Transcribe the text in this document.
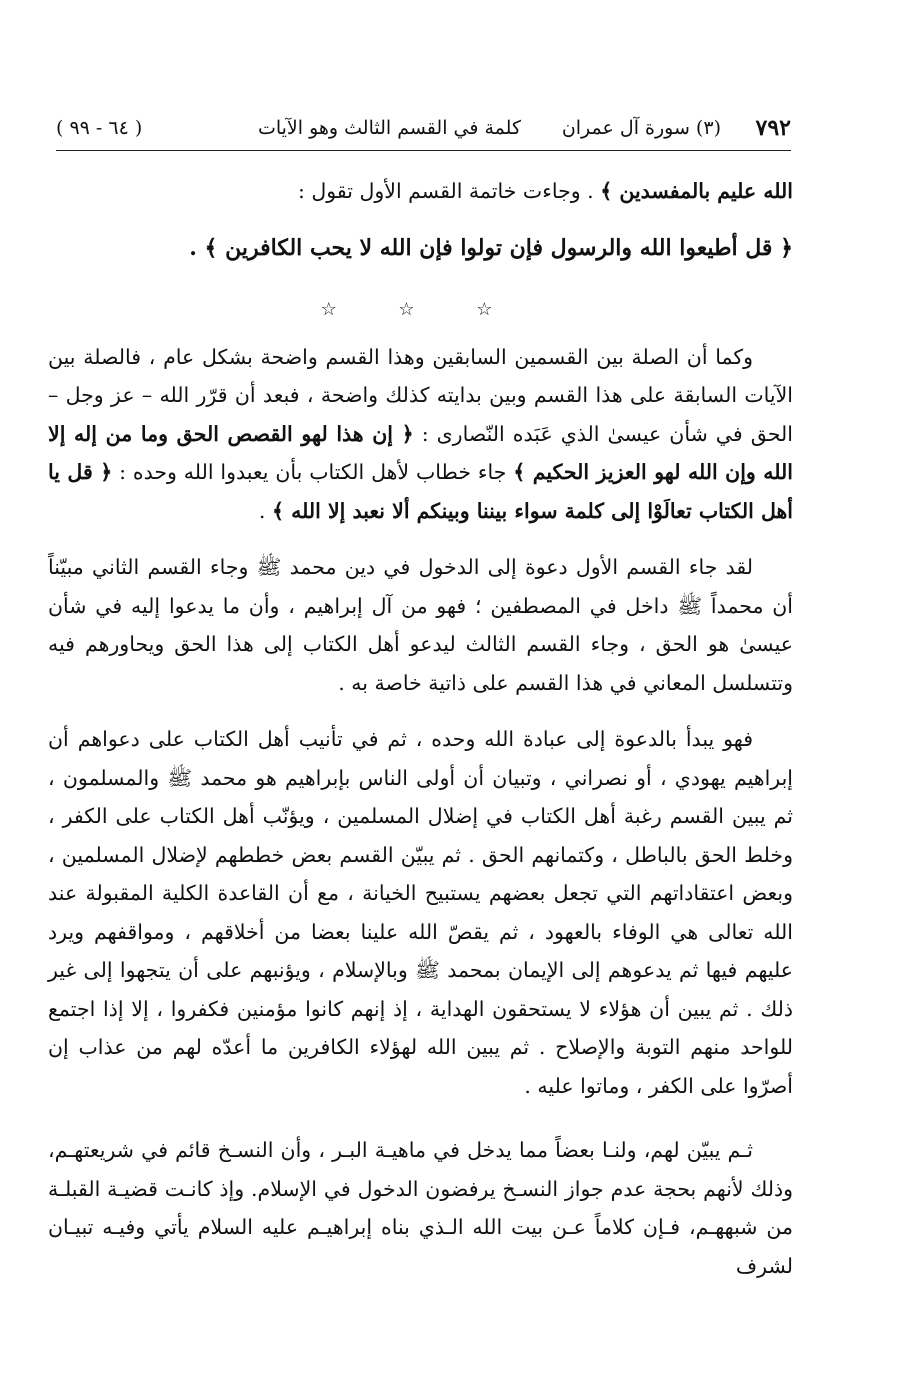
٧٩٢
(٣) سورة آل عمران
كلمة في القسم الثالث وهو الآيات
( ٦٤ - ٩٩ )

الله عليم بالمفسدين ﴾ . وجاءت خاتمة القسم الأول تقول :

﴿ قل أطيعوا الله والرسول فإن تولوا فإن الله لا يحب الكافرين ﴾ .

☆ ☆ ☆

وكما أن الصلة بين القسمين السابقين وهذا القسم واضحة بشكل عام ، فالصلة بين الآيات السابقة على هذا القسم وبين بدايته كذلك واضحة ، فبعد أن قرّر الله – عز وجل – الحق في شأن عيسىٰ الذي عَبَده النّصارى : ﴿ إن هذا لهو القصص الحق وما من إله إلا الله وإن الله لهو العزيز الحكيم ﴾ جاء خطاب لأهل الكتاب بأن يعبدوا الله وحده : ﴿ قل يا أهل الكتاب تعالَوْا إلى كلمة سواء بيننا وبينكم ألا نعبد إلا الله ﴾ .

لقد جاء القسم الأول دعوة إلى الدخول في دين محمد ﷺ وجاء القسم الثاني مبيّناً أن محمداً ﷺ داخل في المصطفين ؛ فهو من آل إبراهيم ، وأن ما يدعوا إليه في شأن عيسىٰ هو الحق ، وجاء القسم الثالث ليدعو أهل الكتاب إلى هذا الحق ويحاورهم فيه وتتسلسل المعاني في هذا القسم على ذاتية خاصة به .

فهو يبدأ بالدعوة إلى عبادة الله وحده ، ثم في تأنيب أهل الكتاب على دعواهم أن إبراهيم يهودي ، أو نصراني ، وتبيان أن أولى الناس بإبراهيم هو محمد ﷺ والمسلمون ، ثم يبين القسم رغبة أهل الكتاب في إضلال المسلمين ، ويؤنّب أهل الكتاب على الكفر ، وخلط الحق بالباطل ، وكتمانهم الحق . ثم يبيّن القسم بعض خططهم لإضلال المسلمين ، وبعض اعتقاداتهم التي تجعل بعضهم يستبيح الخيانة ، مع أن القاعدة الكلية المقبولة عند الله تعالى هي الوفاء بالعهود ، ثم يقصّ الله علينا بعضا من أخلاقهم ، ومواقفهم ويرد عليهم فيها ثم يدعوهم إلى الإيمان بمحمد ﷺ وبالإسلام ، ويؤنبهم على أن يتجهوا إلى غير ذلك . ثم يبين أن هؤلاء لا يستحقون الهداية ، إذ إنهم كانوا مؤمنين فكفروا ، إلا إذا اجتمع للواحد منهم التوبة والإصلاح . ثم يبين الله لهؤلاء الكافرين ما أعدّه لهم من عذاب إن أصرّوا على الكفر ، وماتوا عليه .

ثـم يبيّن لهم، ولنـا بعضاً مما يدخل في ماهيـة البـر ، وأن النسـخ قائم في شريعتهـم، وذلك لأنهم بحجة عدم جواز النسـخ يرفضون الدخول في الإسلام. وإذ كانـت قضيـة القبلـة من شبههـم، فـإن كلاماً عـن بيت الله الـذي بناه إبراهيـم عليه السلام يأتي وفيـه تبيـان لشرف
